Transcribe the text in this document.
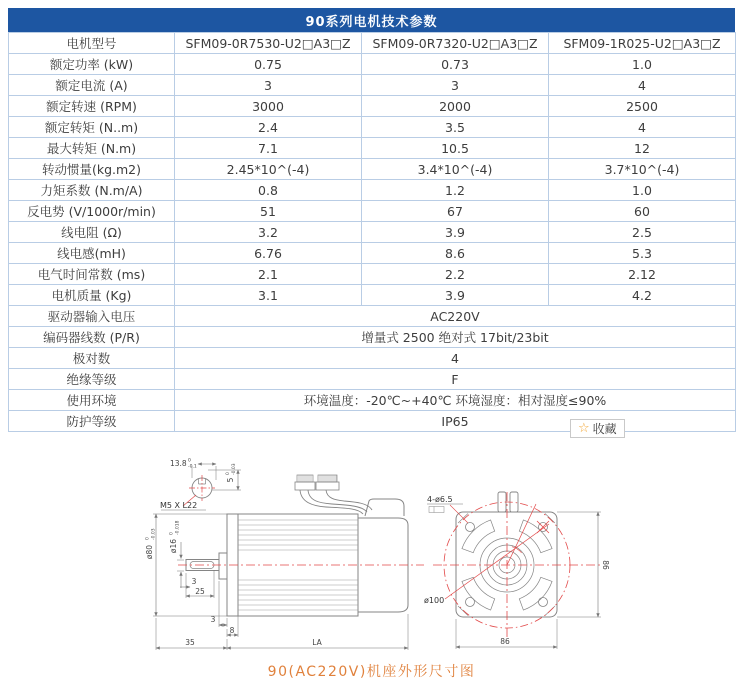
90系列电机技术参数
电机型号	SFM09-0R7530-U2□A3□Z	SFM09-0R7320-U2□A3□Z	SFM09-1R025-U2□A3□Z
额定功率 (kW)	0.75	0.73	1.0
额定电流 (A)	3	3	4
额定转速 (RPM)	3000	2000	2500
额定转矩 (N..m)	2.4	3.5	4
最大转矩 (N.m)	7.1	10.5	12
转动惯量(kg.m2)	2.45*10^(-4)	3.4*10^(-4)	3.7*10^(-4)
力矩系数 (N.m/A)	0.8	1.2	1.0
反电势 (V/1000r/min)	51	67	60
线电阻 (Ω)	3.2	3.9	2.5
线电感(mH)	6.76	8.6	5.3
电气时间常数 (ms)	2.1	2.2	2.12
电机质量 (Kg)	3.1	3.9	4.2
驱动器输入电压	AC220V		
编码器线数 (P/R)	增量式 2500 绝对式 17bit/23bit		
极对数	4		
绝缘等级	F		
使用环境	环境温度：-20℃~+40℃ 环境湿度：相对湿度≤90%		
防护等级	IP65			☆ 收藏
13.8 0
-0.1
5
0 -0.03
M5 X L22
ø16
0 -0.018
ø80
0 -0.03
3
25
3
8
35	LA
4-ø6.5
ø100
86
86
90(AC220V)机座外形尺寸图
